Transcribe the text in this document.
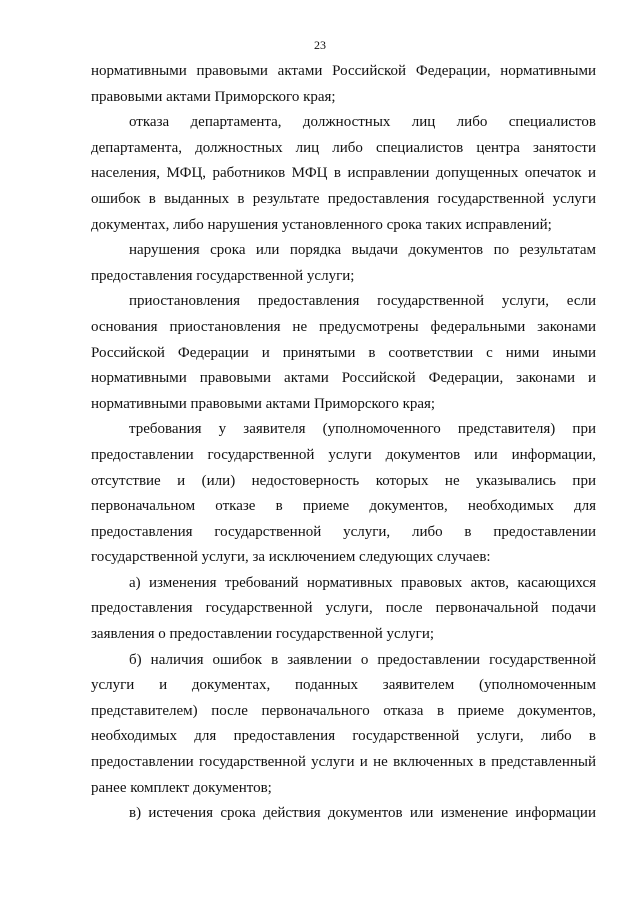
23

нормативными правовыми актами Российской Федерации, нормативными правовыми актами Приморского края;

отказа департамента, должностных лиц либо специалистов департамента, должностных лиц либо специалистов центра занятости населения, МФЦ, работников МФЦ в исправлении допущенных опечаток и ошибок в выданных в результате предоставления государственной услуги документах, либо нарушения установленного срока таких исправлений;

нарушения срока или порядка выдачи документов по результатам предоставления государственной услуги;

приостановления предоставления государственной услуги, если основания приостановления не предусмотрены федеральными законами Российской Федерации и принятыми в соответствии с ними иными нормативными правовыми актами Российской Федерации, законами и нормативными правовыми актами Приморского края;

требования у заявителя (уполномоченного представителя) при предоставлении государственной услуги документов или информации, отсутствие и (или) недостоверность которых не указывались при первоначальном отказе в приеме документов, необходимых для предоставления государственной услуги, либо в предоставлении государственной услуги, за исключением следующих случаев:

а) изменения требований нормативных правовых актов, касающихся предоставления государственной услуги, после первоначальной подачи заявления о предоставлении государственной услуги;

б) наличия ошибок в заявлении о предоставлении государственной услуги и документах, поданных заявителем (уполномоченным представителем) после первоначального отказа в приеме документов, необходимых для предоставления государственной услуги, либо в предоставлении государственной услуги и не включенных в представленный ранее комплект документов;

в) истечения срока действия документов или изменение информации
